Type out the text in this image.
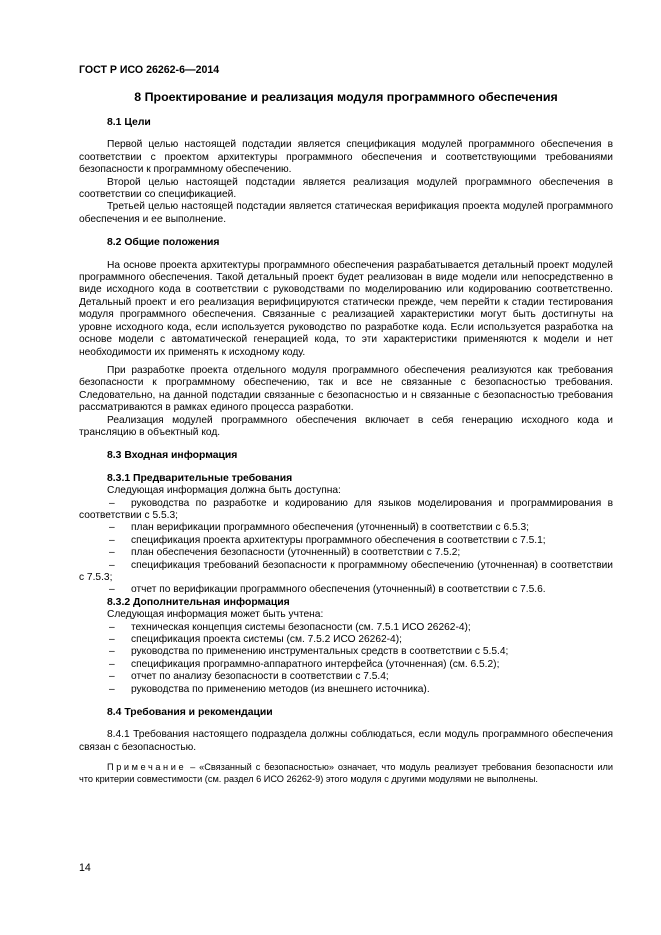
ГОСТ Р ИСО 26262-6—2014
8 Проектирование и реализация модуля программного обеспечения
8.1 Цели

Первой целью настоящей подстадии является спецификация модулей программного обеспечения в соответствии с проектом архитектуры программного обеспечения и соответствующими требованиями безопасности к программному обеспечению.

Второй целью настоящей подстадии является реализация модулей программного обеспечения в соответствии со спецификацией.

Третьей целью настоящей подстадии является статическая верификация проекта модулей программного обеспечения и ее выполнение.

8.2 Общие положения

На основе проекта архитектуры программного обеспечения разрабатывается детальный проект модулей программного обеспечения. Такой детальный проект будет реализован в виде модели или непосредственно в виде исходного кода в соответствии с руководствами по моделированию или кодированию соответственно. Детальный проект и его реализация верифицируются статически прежде, чем перейти к стадии тестирования модуля программного обеспечения. Связанные с реализацией характеристики могут быть достигнуты на уровне исходного кода, если используется руководство по разработке кода. Если используется разработка на основе модели с автоматической генерацией кода, то эти характеристики применяются к модели и нет необходимости их применять к исходному коду.

При разработке проекта отдельного модуля программного обеспечения реализуются как требования безопасности к программному обеспечению, так и все не связанные с безопасностью требования. Следовательно, на данной подстадии связанные с безопасностью и н связанные с безопасностью требования рассматриваются в рамках единого процесса разработки.

Реализация модулей программного обеспечения включает в себя генерацию исходного кода и трансляцию в объектный код.

8.3 Входная информация
8.3.1 Предварительные требования

Следующая информация должна быть доступна:

– руководства по разработке и кодированию для языков моделирования и программирования в соответствии с 5.5.3;
– план верификации программного обеспечения (уточненный) в соответствии с 6.5.3;
– спецификация проекта архитектуры программного обеспечения в соответствии с 7.5.1;
– план обеспечения безопасности (уточненный) в соответствии с 7.5.2;
– спецификация требований безопасности к программному обеспечению (уточненная) в соответствии с 7.5.3;
– отчет по верификации программного обеспечения (уточненный) в соответствии с 7.5.6.
8.3.2 Дополнительная информация

Следующая информация может быть учтена:

– техническая концепция системы безопасности (см. 7.5.1 ИСО 26262-4);
– спецификация проекта системы (см. 7.5.2 ИСО 26262-4);
– руководства по применению инструментальных средств в соответствии с 5.5.4;
– спецификация программно-аппаратного интерфейса (уточненная) (см. 6.5.2);
– отчет по анализу безопасности в соответствии с 7.5.4;
– руководства по применению методов (из внешнего источника).
8.4 Требования и рекомендации

8.4.1 Требования настоящего подраздела должны соблюдаться, если модуль программного обеспечения связан с безопасностью.

Примечание – «Связанный с безопасностью» означает, что модуль реализует требования безопасности или что критерии совместимости (см. раздел 6 ИСО 26262-9) этого модуля с другими модулями не выполнены.
14
